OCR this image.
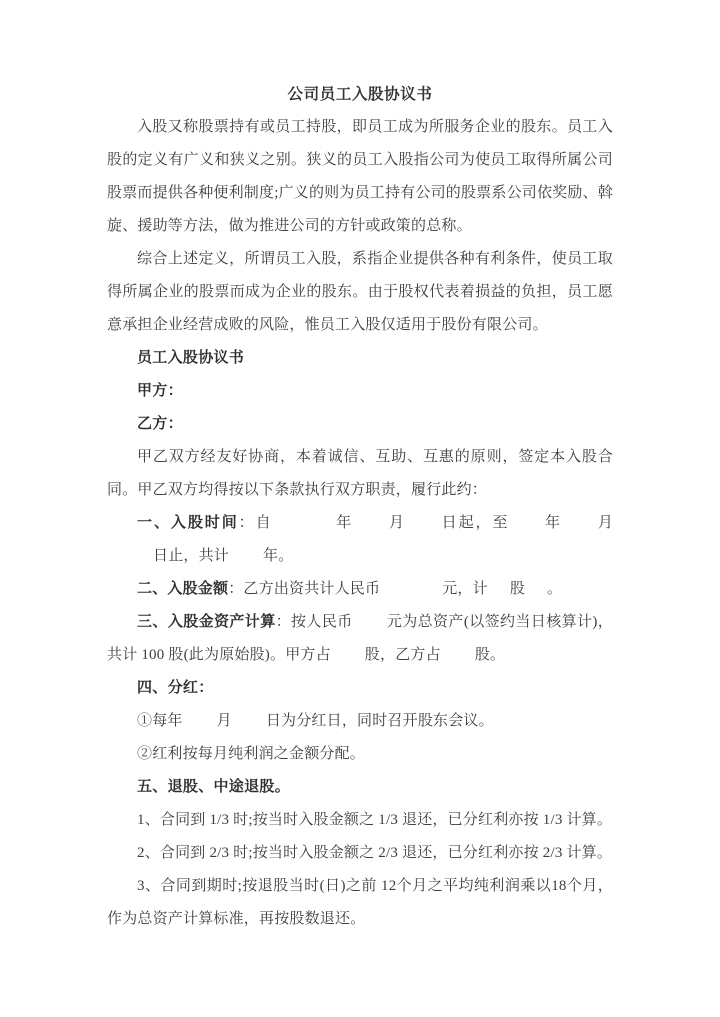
公司员工入股协议书

入股又称股票持有或员工持股，即员工成为所服务企业的股东。员工入股的定义有广义和狭义之别。狭义的员工入股指公司为使员工取得所属公司股票而提供各种便利制度;广义的则为员工持有公司的股票系公司依奖励、斡旋、援助等方法，做为推进公司的方针或政策的总称。

综合上述定义，所谓员工入股，系指企业提供各种有利条件，使员工取得所属企业的股票而成为企业的股东。由于股权代表着损益的负担，员工愿意承担企业经营成败的风险，惟员工入股仅适用于股份有限公司。

员工入股协议书

甲方：

乙方：

甲乙双方经友好协商，本着诚信、互助、互惠的原则，签定本入股合同。甲乙双方均得按以下条款执行双方职责，履行此约：

一、入股时间：自	年 月 日起，至 年 月日止，共计 年。

二、入股金额：乙方出资共计人民币	元，计 股 。

三、入股金资产计算：按人民币 元为总资产(以签约当日核算计)，共计 100 股(此为原始股)。甲方占 股，乙方占 股。

四、分红：

①每年 月 日为分红日，同时召开股东会议。

②红利按每月纯利润之金额分配。

五、退股、中途退股。

1、合同到 1/3 时;按当时入股金额之 1/3 退还，已分红利亦按 1/3 计算。

2、合同到 2/3 时;按当时入股金额之 2/3 退还，已分红利亦按 2/3 计算。

3、合同到期时;按退股当时(日)之前 12个月之平均纯利润乘以18个月，作为总资产计算标准，再按股数退还。
